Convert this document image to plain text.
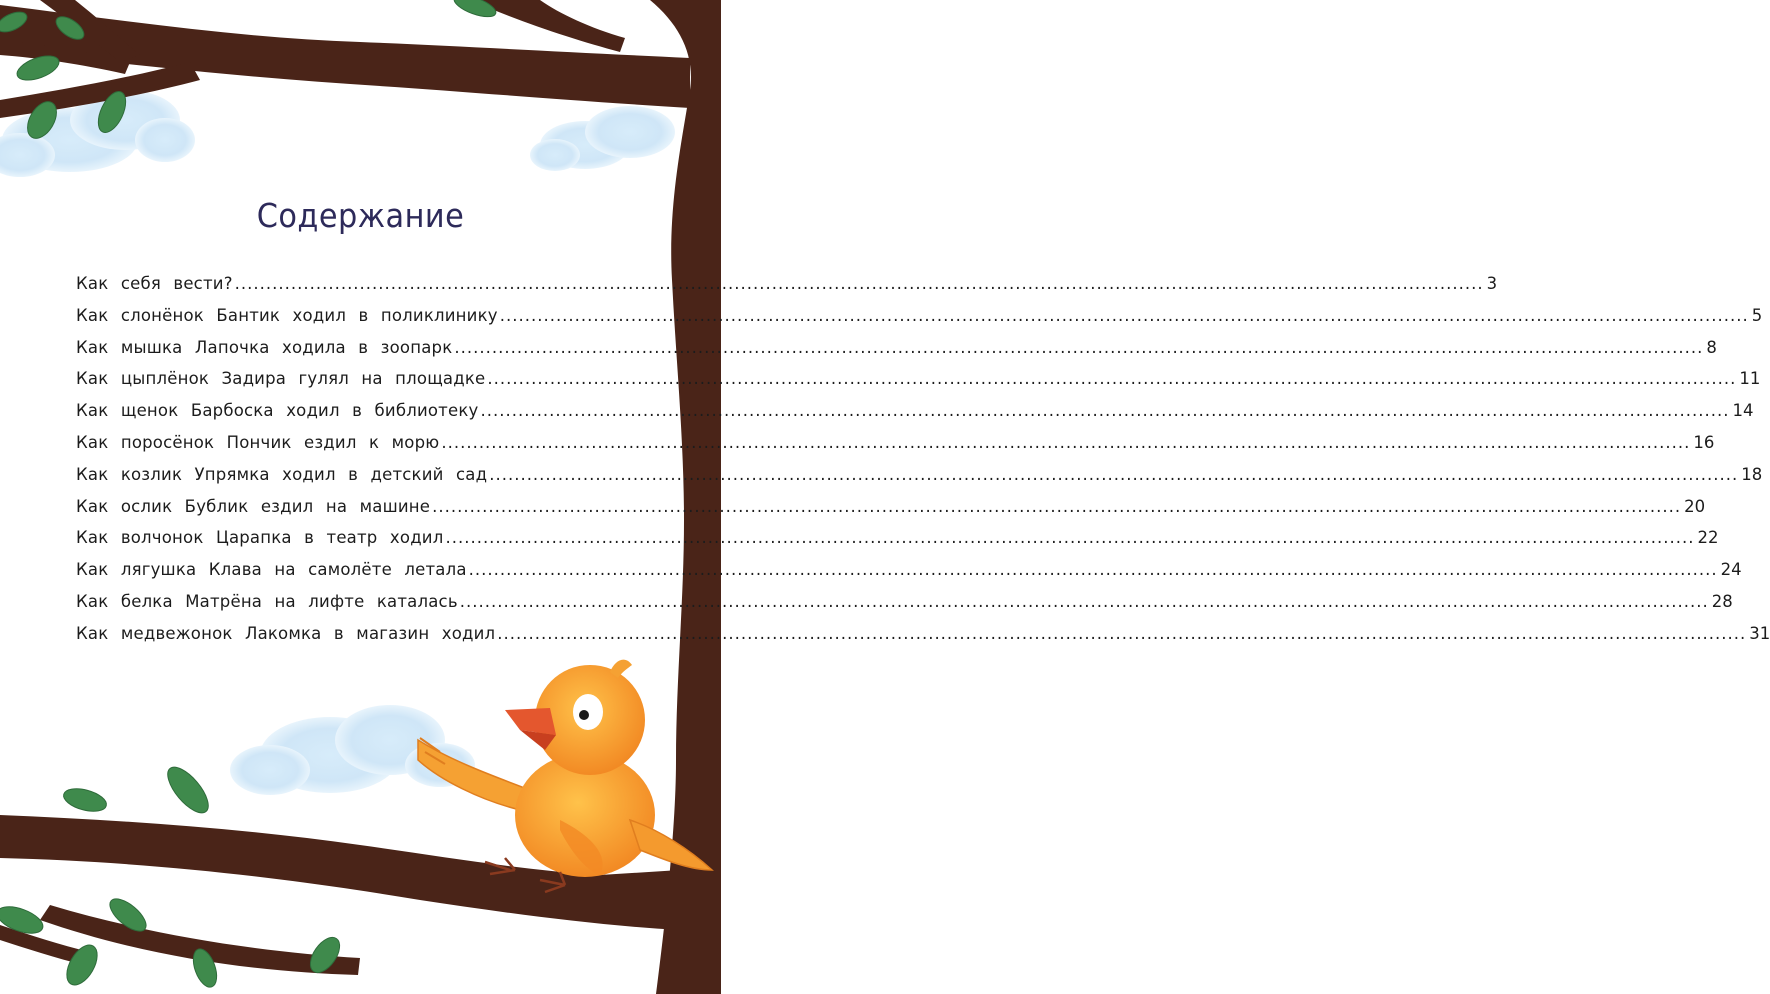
Содержание
Как себя вести? ........................................................................................................................................................................................................ 3
Как слонёнок Бантик ходил в поликлинику ........................................................................................................................................................................................................ 5
Как мышка Лапочка ходила в зоопарк ........................................................................................................................................................................................................ 8
Как цыплёнок Задира гулял на площадке ........................................................................................................................................................................................................ 11
Как щенок Барбоска ходил в библиотеку ........................................................................................................................................................................................................ 14
Как поросёнок Пончик ездил к морю ........................................................................................................................................................................................................ 16
Как козлик Упрямка ходил в детский сад ........................................................................................................................................................................................................ 18
Как ослик Бублик ездил на машине ........................................................................................................................................................................................................ 20
Как волчонок Царапка в театр ходил ........................................................................................................................................................................................................ 22
Как лягушка Клава на самолёте летала ........................................................................................................................................................................................................ 24
Как белка Матрёна на лифте каталась ........................................................................................................................................................................................................ 28
Как медвежонок Лакомка в магазин ходил ........................................................................................................................................................................................................ 31
